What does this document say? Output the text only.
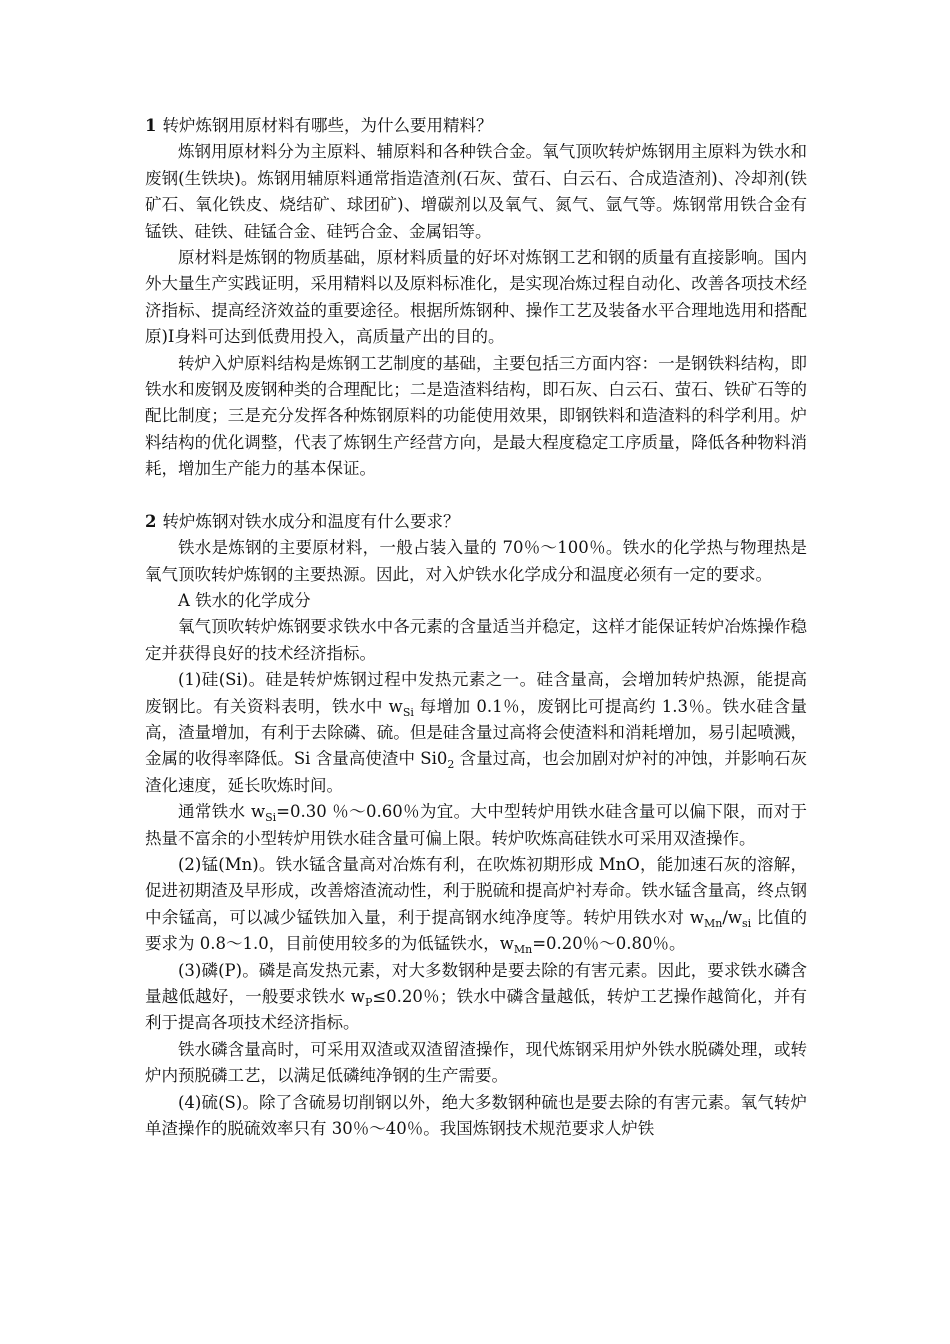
1 转炉炼钢用原材料有哪些，为什么要用精料？

炼钢用原材料分为主原料、辅原料和各种铁合金。氧气顶吹转炉炼钢用主原料为铁水和废钢(生铁块)。炼钢用辅原料通常指造渣剂(石灰、萤石、白云石、合成造渣剂)、冷却剂(铁矿石、氧化铁皮、烧结矿、球团矿)、增碳剂以及氧气、氮气、氩气等。炼钢常用铁合金有锰铁、硅铁、硅锰合金、硅钙合金、金属铝等。

原材料是炼钢的物质基础，原材料质量的好坏对炼钢工艺和钢的质量有直接影响。国内外大量生产实践证明，采用精料以及原料标准化，是实现冶炼过程自动化、改善各项技术经济指标、提高经济效益的重要途径。根据所炼钢种、操作工艺及装备水平合理地选用和搭配原)I身料可达到低费用投入，高质量产出的目的。

转炉入炉原料结构是炼钢工艺制度的基础，主要包括三方面内容：一是钢铁料结构，即铁水和废钢及废钢种类的合理配比；二是造渣料结构，即石灰、白云石、萤石、铁矿石等的配比制度；三是充分发挥各种炼钢原料的功能使用效果，即钢铁料和造渣料的科学利用。炉料结构的优化调整，代表了炼钢生产经营方向，是最大程度稳定工序质量，降低各种物料消耗，增加生产能力的基本保证。

2 转炉炼钢对铁水成分和温度有什么要求？

铁水是炼钢的主要原材料，一般占装入量的 70％～100％。铁水的化学热与物理热是氧气顶吹转炉炼钢的主要热源。因此，对入炉铁水化学成分和温度必须有一定的要求。

A 铁水的化学成分

氧气顶吹转炉炼钢要求铁水中各元素的含量适当并稳定，这样才能保证转炉冶炼操作稳定并获得良好的技术经济指标。

(1)硅(Si)。硅是转炉炼钢过程中发热元素之一。硅含量高，会增加转炉热源，能提高废钢比。有关资料表明，铁水中 $w_{Si}$ 每增加 0.1％，废钢比可提高约 1.3％。铁水硅含量高，渣量增加，有利于去除磷、硫。但是硅含量过高将会使渣料和消耗增加，易引起喷溅，金属的收得率降低。Si 含量高使渣中 $Si0_2$ 含量过高，也会加剧对炉衬的冲蚀，并影响石灰渣化速度，延长吹炼时间。

通常铁水 $w_{Si}=0.30$ ％～0.60％为宜。大中型转炉用铁水硅含量可以偏下限，而对于热量不富余的小型转炉用铁水硅含量可偏上限。转炉吹炼高硅铁水可采用双渣操作。

(2)锰(Mn)。铁水锰含量高对冶炼有利，在吹炼初期形成 MnO，能加速石灰的溶解，促进初期渣及早形成，改善熔渣流动性，利于脱硫和提高炉衬寿命。铁水锰含量高，终点钢中余锰高，可以减少锰铁加入量，利于提高钢水纯净度等。转炉用铁水对 $w_{Mn}/w_{si}$ 比值的要求为 0.8～1.0，目前使用较多的为低锰铁水，$w_{Mn}=0.20$％～0.80％。

(3)磷(P)。磷是高发热元素，对大多数钢种是要去除的有害元素。因此，要求铁水磷含量越低越好，一般要求铁水 $w_P\le 0.20$％；铁水中磷含量越低，转炉工艺操作越简化，并有利于提高各项技术经济指标。

铁水磷含量高时，可采用双渣或双渣留渣操作，现代炼钢采用炉外铁水脱磷处理，或转炉内预脱磷工艺，以满足低磷纯净钢的生产需要。

(4)硫(S)。除了含硫易切削钢以外，绝大多数钢种硫也是要去除的有害元素。氧气转炉单渣操作的脱硫效率只有 30％～40％。我国炼钢技术规范要求人炉铁
